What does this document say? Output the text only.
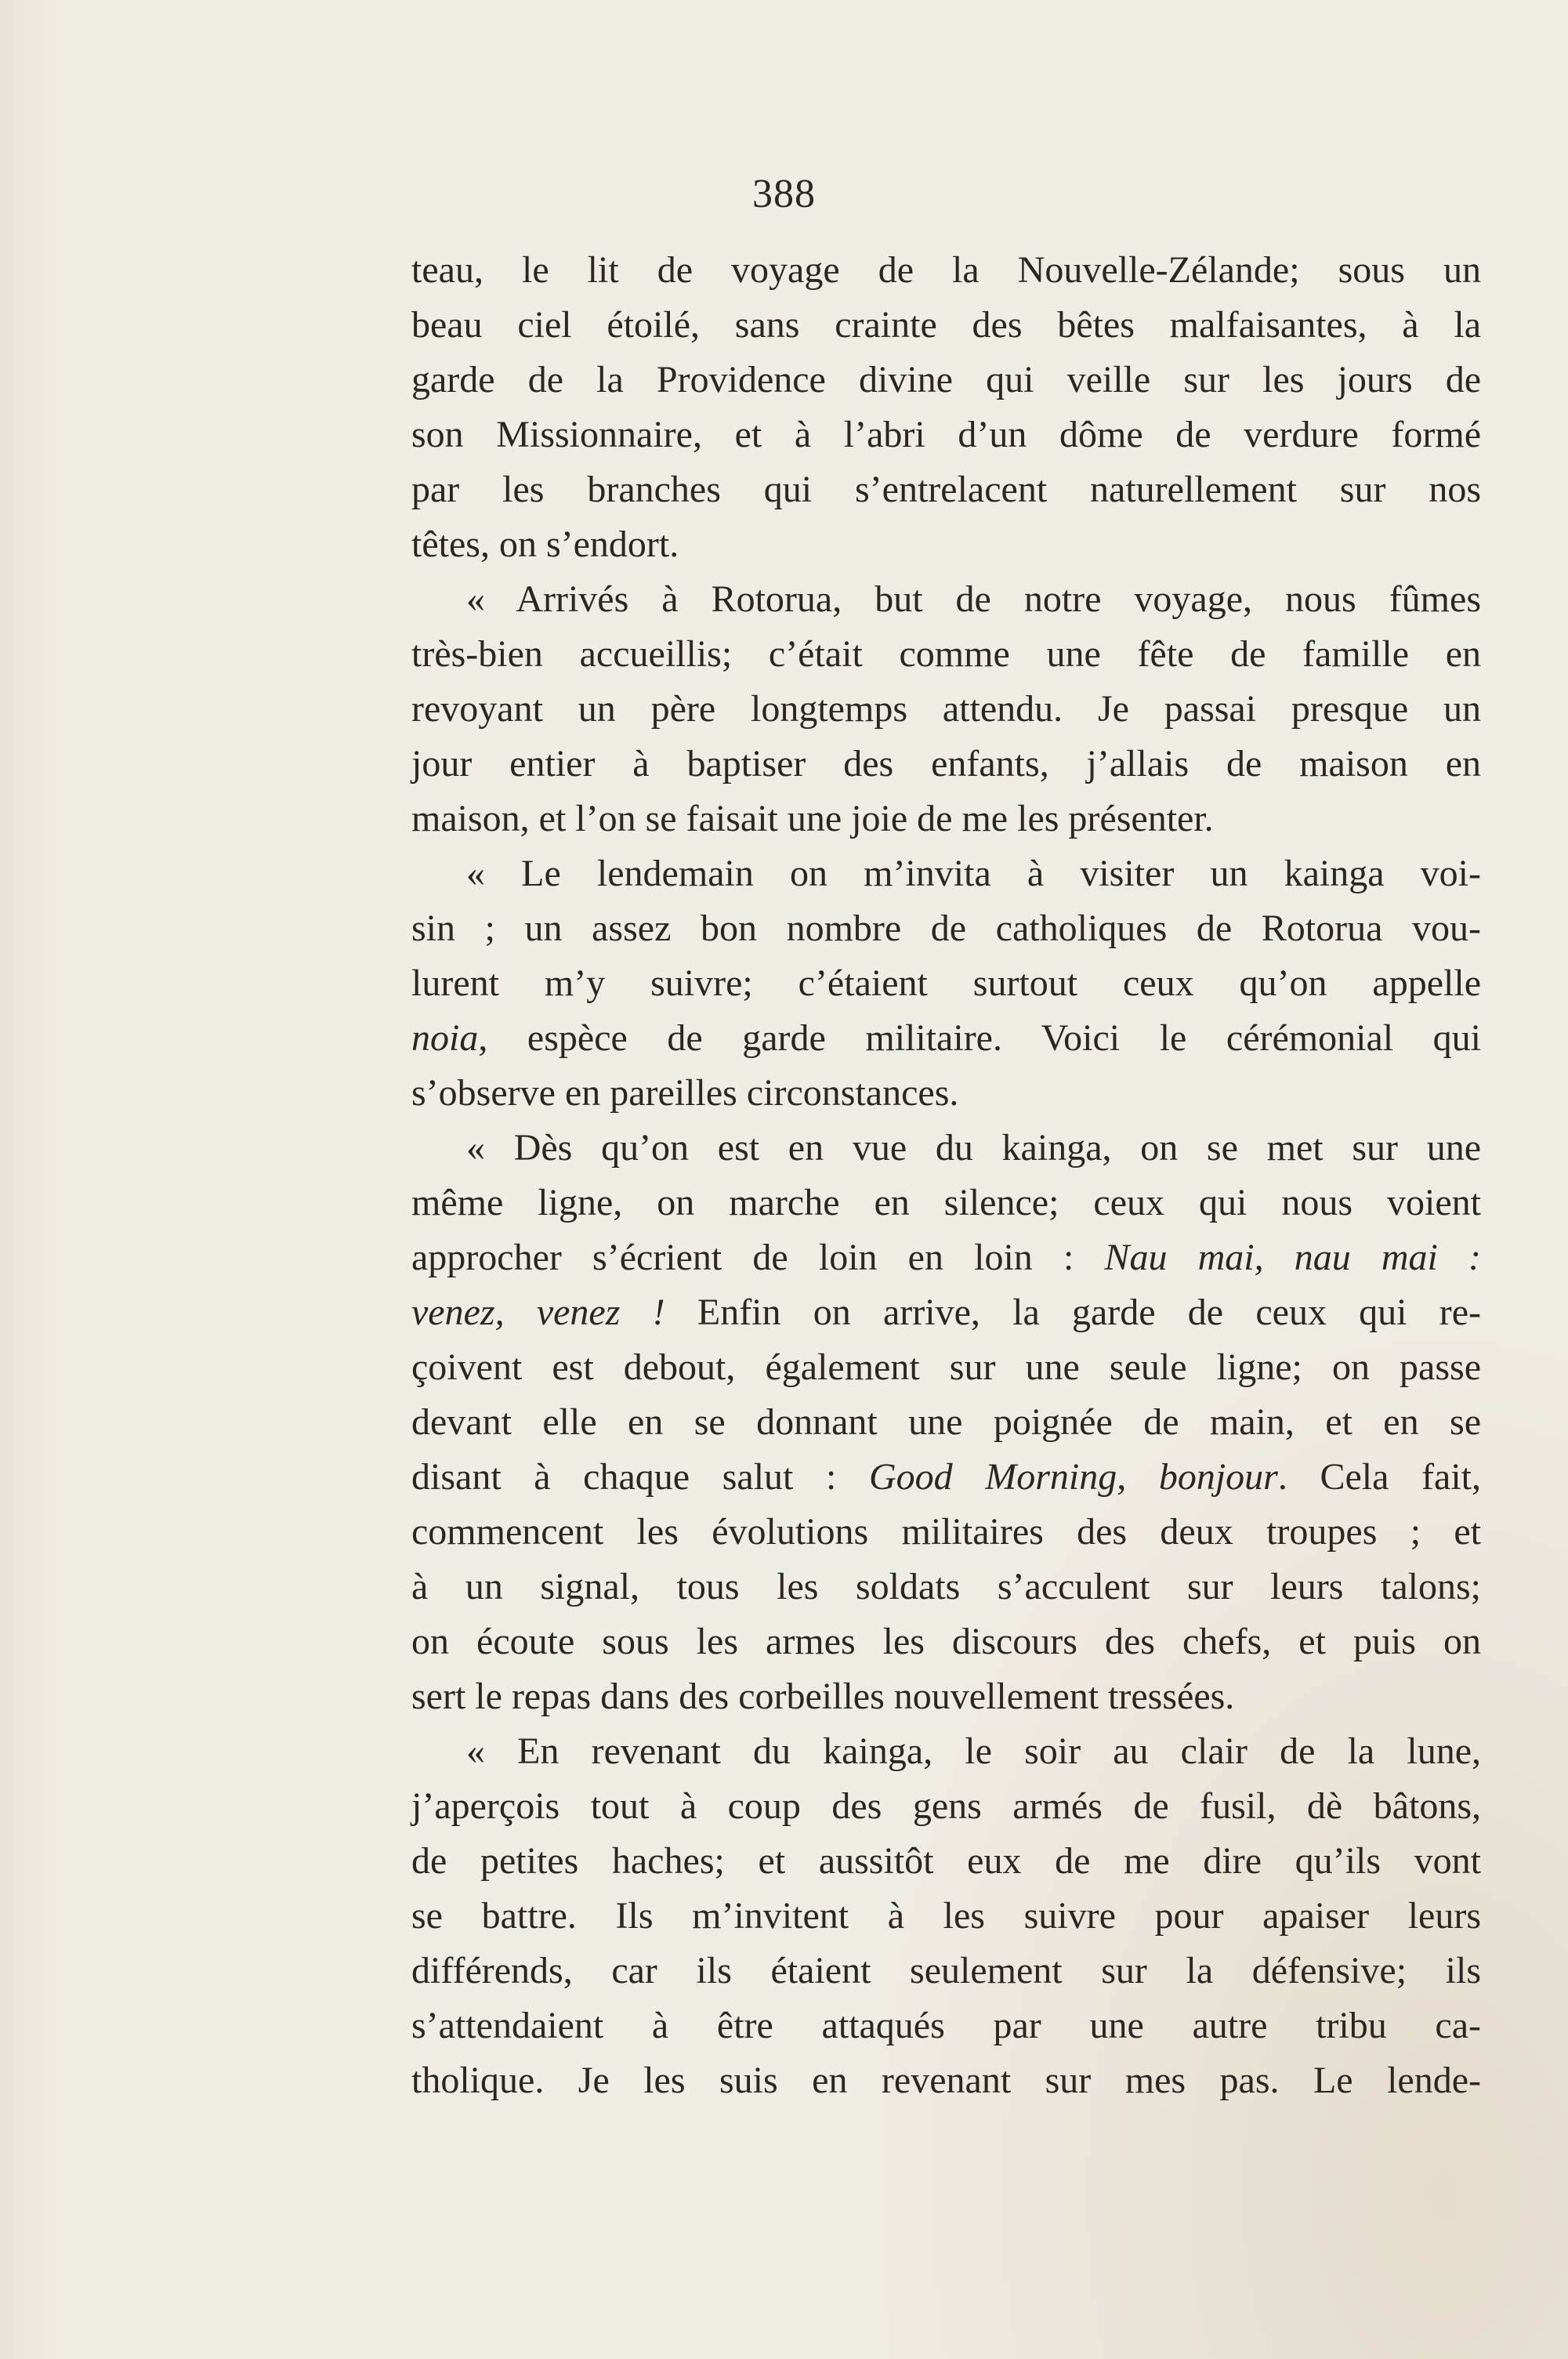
388
teau, le lit de voyage de la Nouvelle-Zélande; sous un
beau ciel étoilé, sans crainte des bêtes malfaisantes, à la
garde de la Providence divine qui veille sur les jours de
son Missionnaire, et à l’abri d’un dôme de verdure formé
par les branches qui s’entrelacent naturellement sur nos
têtes, on s’endort.
« Arrivés à Rotorua, but de notre voyage, nous fûmes
très-bien accueillis; c’était comme une fête de famille en
revoyant un père longtemps attendu. Je passai presque un
jour entier à baptiser des enfants, j’allais de maison en
maison, et l’on se faisait une joie de me les présenter.
« Le lendemain on m’invita à visiter un kainga voi-
sin ; un assez bon nombre de catholiques de Rotorua vou-
lurent m’y suivre; c’étaient surtout ceux qu’on appelle
noia, espèce de garde militaire. Voici le cérémonial qui
s’observe en pareilles circonstances.
« Dès qu’on est en vue du kainga, on se met sur une
même ligne, on marche en silence; ceux qui nous voient
approcher s’écrient de loin en loin : Nau mai, nau mai :
venez, venez ! Enfin on arrive, la garde de ceux qui re-
çoivent est debout, également sur une seule ligne; on passe
devant elle en se donnant une poignée de main, et en se
disant à chaque salut : Good Morning, bonjour. Cela fait,
commencent les évolutions militaires des deux troupes ; et
à un signal, tous les soldats s’acculent sur leurs talons;
on écoute sous les armes les discours des chefs, et puis on
sert le repas dans des corbeilles nouvellement tressées.
« En revenant du kainga, le soir au clair de la lune,
j’aperçois tout à coup des gens armés de fusil, dè bâtons,
de petites haches; et aussitôt eux de me dire qu’ils vont
se battre. Ils m’invitent à les suivre pour apaiser leurs
différends, car ils étaient seulement sur la défensive; ils
s’attendaient à être attaqués par une autre tribu ca-
tholique. Je les suis en revenant sur mes pas. Le lende-
